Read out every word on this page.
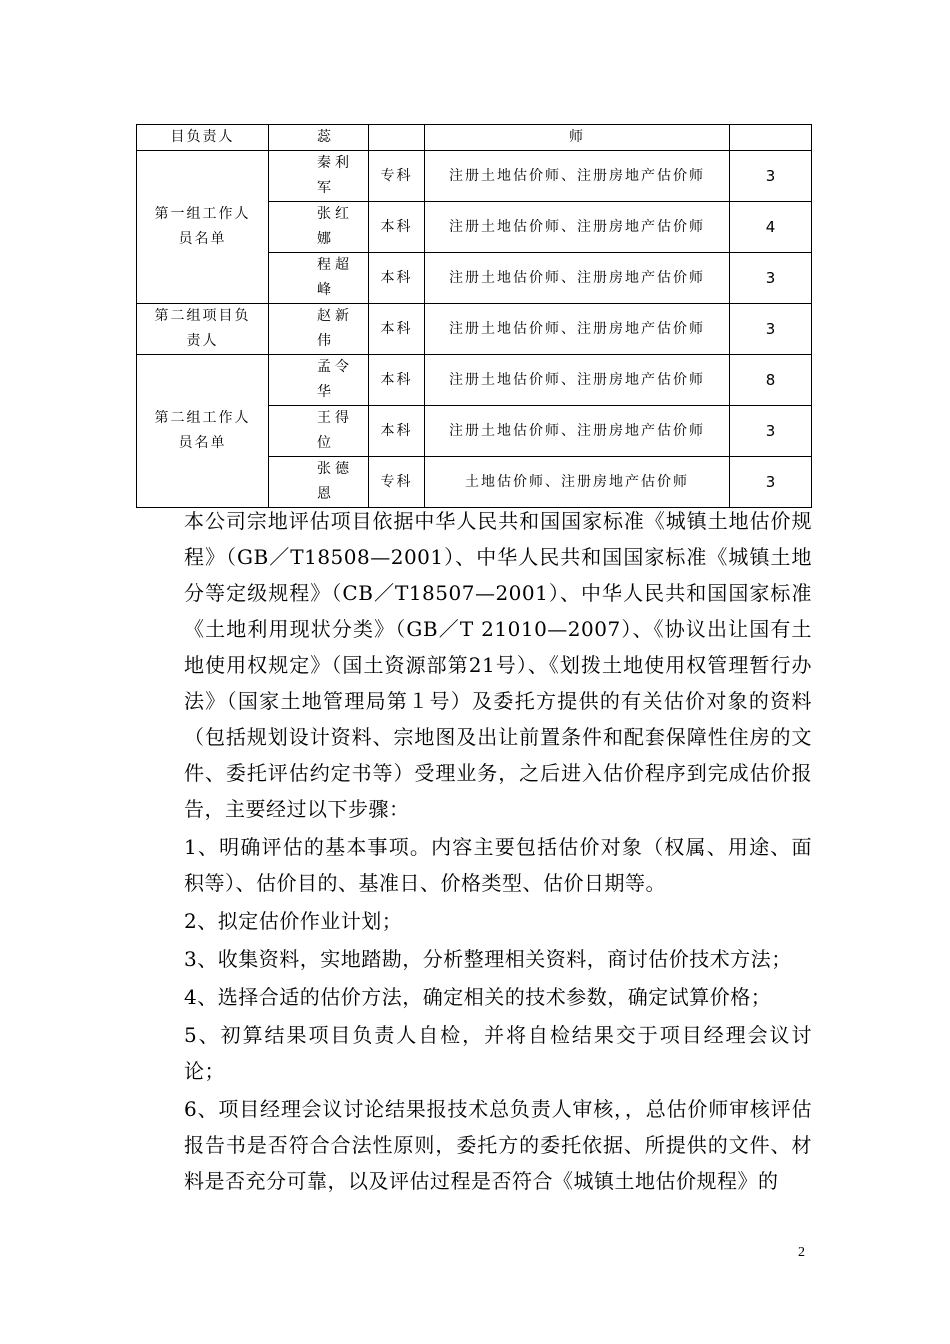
目负责人	蕊		师	
第一组工作人员名单	秦利军	专科	注册土地估价师、注册房地产估价师	3
	张红娜	本科	注册土地估价师、注册房地产估价师	4
	程超峰	本科	注册土地估价师、注册房地产估价师	3
第二组项目负责人	赵新伟	本科	注册土地估价师、注册房地产估价师	3
第二组工作人员名单	孟令华	本科	注册土地估价师、注册房地产估价师	8
	王得位	本科	注册土地估价师、注册房地产估价师	3
	张德恩	专科	土地估价师、注册房地产估价师	3

本公司宗地评估项目依据中华人民共和国国家标准《城镇土地估价规程》（GB／T18508—2001）、中华人民共和国国家标准《城镇土地分等定级规程》（CB／T18507—2001）、中华人民共和国国家标准《土地利用现状分类》（GB／T 21010—2007）、《协议出让国有土地使用权规定》（国土资源部第21号）、《划拨土地使用权管理暂行办法》（国家土地管理局第１号）及委托方提供的有关估价对象的资料（包括规划设计资料、宗地图及出让前置条件和配套保障性住房的文件、委托评估约定书等）受理业务，之后进入估价程序到完成估价报告，主要经过以下步骤：

1、明确评估的基本事项。内容主要包括估价对象（权属、用途、面积等）、估价目的、基准日、价格类型、估价日期等。

2、拟定估价作业计划；

3、收集资料，实地踏勘，分析整理相关资料，商讨估价技术方法；

4、选择合适的估价方法，确定相关的技术参数，确定试算价格；

5、初算结果项目负责人自检，并将自检结果交于项目经理会议讨论；

6、项目经理会议讨论结果报技术总负责人审核，，总估价师审核评估报告书是否符合合法性原则，委托方的委托依据、所提供的文件、材料是否充分可靠，以及评估过程是否符合《城镇土地估价规程》的

2
